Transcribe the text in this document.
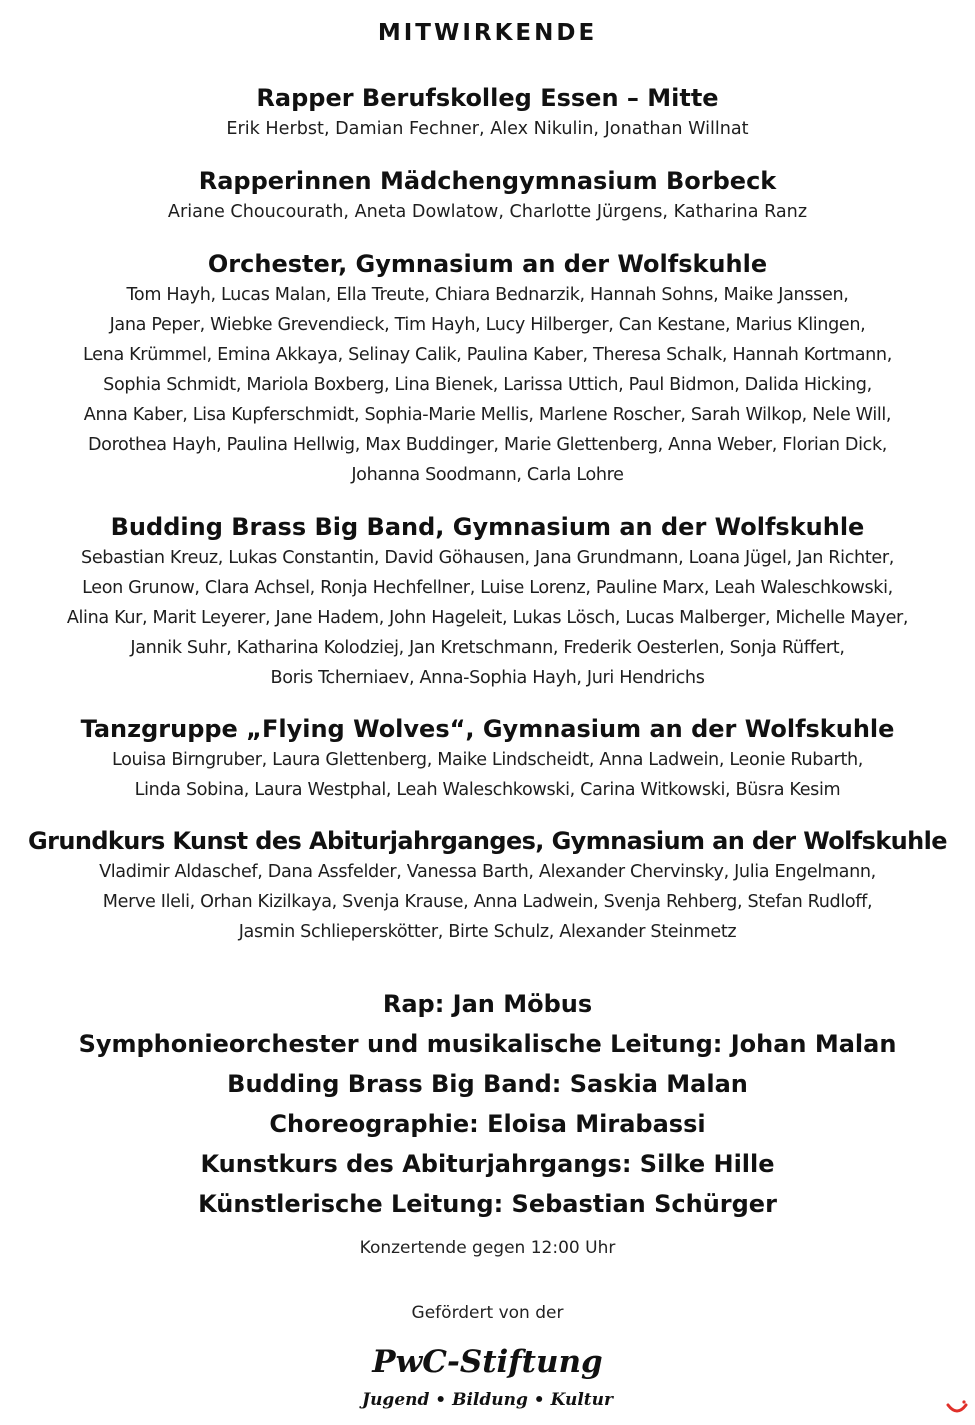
MITWIRKENDE
Rapper Berufskolleg Essen – Mitte
Erik Herbst, Damian Fechner, Alex Nikulin, Jonathan Willnat
Rapperinnen Mädchengymnasium Borbeck
Ariane Choucourath, Aneta Dowlatow, Charlotte Jürgens, Katharina Ranz
Orchester, Gymnasium an der Wolfskuhle
Tom Hayh, Lucas Malan, Ella Treute, Chiara Bednarzik, Hannah Sohns, Maike Janssen,
Jana Peper, Wiebke Grevendieck, Tim Hayh, Lucy Hilberger, Can Kestane, Marius Klingen,
Lena Krümmel, Emina Akkaya, Selinay Calik, Paulina Kaber, Theresa Schalk, Hannah Kortmann,
Sophia Schmidt, Mariola Boxberg, Lina Bienek, Larissa Uttich, Paul Bidmon, Dalida Hicking,
Anna Kaber, Lisa Kupferschmidt, Sophia-Marie Mellis, Marlene Roscher, Sarah Wilkop, Nele Will,
Dorothea Hayh, Paulina Hellwig, Max Buddinger, Marie Glettenberg, Anna Weber, Florian Dick,
Johanna Soodmann, Carla Lohre
Budding Brass Big Band, Gymnasium an der Wolfskuhle
Sebastian Kreuz, Lukas Constantin, David Göhausen, Jana Grundmann, Loana Jügel, Jan Richter,
Leon Grunow, Clara Achsel, Ronja Hechfellner, Luise Lorenz, Pauline Marx, Leah Waleschkowski,
Alina Kur, Marit Leyerer, Jane Hadem, John Hageleit, Lukas Lösch, Lucas Malberger, Michelle Mayer,
Jannik Suhr, Katharina Kolodziej, Jan Kretschmann, Frederik Oesterlen, Sonja Rüffert,
Boris Tcherniaev, Anna-Sophia Hayh, Juri Hendrichs
Tanzgruppe „Flying Wolves“, Gymnasium an der Wolfskuhle
Louisa Birngruber, Laura Glettenberg, Maike Lindscheidt, Anna Ladwein, Leonie Rubarth,
Linda Sobina, Laura Westphal, Leah Waleschkowski, Carina Witkowski, Büsra Kesim
Grundkurs Kunst des Abiturjahrganges, Gymnasium an der Wolfskuhle
Vladimir Aldaschef, Dana Assfelder, Vanessa Barth, Alexander Chervinsky, Julia Engelmann,
Merve Ileli, Orhan Kizilkaya, Svenja Krause, Anna Ladwein, Svenja Rehberg, Stefan Rudloff,
Jasmin Schlieperskötter, Birte Schulz, Alexander Steinmetz
Rap: Jan Möbus
Symphonieorchester und musikalische Leitung: Johan Malan
Budding Brass Big Band: Saskia Malan
Choreographie: Eloisa Mirabassi
Kunstkurs des Abiturjahrgangs: Silke Hille
Künstlerische Leitung: Sebastian Schürger
Konzertende gegen 12:00 Uhr
Gefördert von der
PwC-Stiftung
Jugend • Bildung • Kultur
